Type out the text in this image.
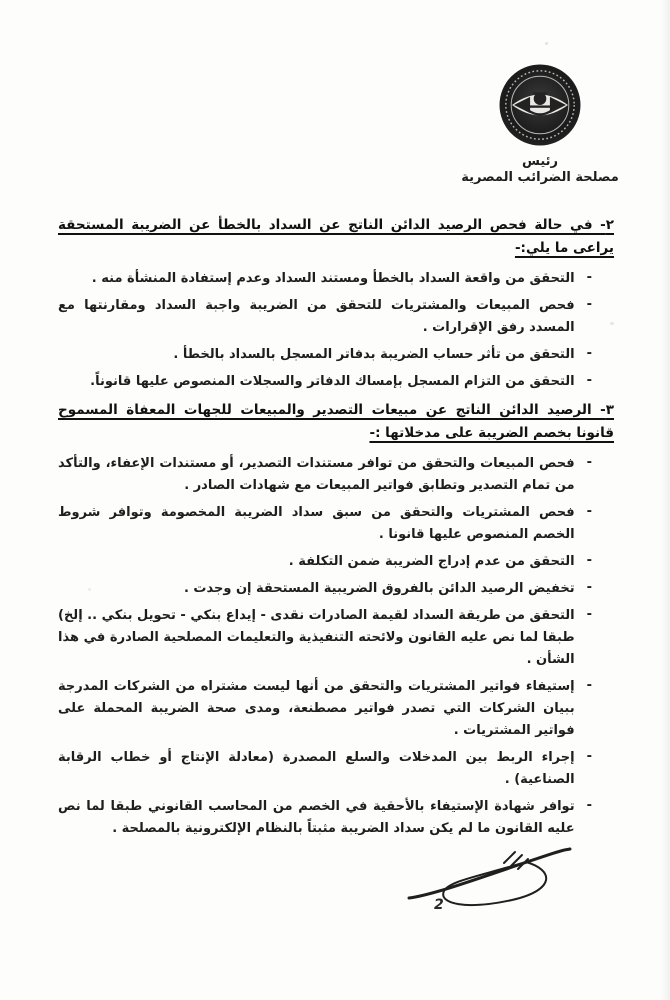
رئيس
مصلحة الضرائب المصرية
٢- في حالة فحص الرصيد الدائن الناتج عن السداد بالخطأ عن الضريبة المستحقة يراعى ما يلي:-
-
التحقق من واقعة السداد بالخطأ ومستند السداد وعدم إستفادة المنشأة منه .
-
فحص المبيعات والمشتريات للتحقق من الضريبة واجبة السداد ومقارنتها مع المسدد رفق الإقرارات .
-
التحقق من تأثر حساب الضريبة بدفاتر المسجل بالسداد بالخطأ .
-
التحقق من التزام المسجل بإمساك الدفاتر والسجلات المنصوص عليها قانوناً.
٣- الرصيد الدائن الناتج عن مبيعات التصدير والمبيعات للجهات المعفاة المسموح قانونا بخصم الضريبة على مدخلاتها :-
-
فحص المبيعات والتحقق من توافر مستندات التصدير، أو مستندات الإعفاء، والتأكد من تمام التصدير وتطابق فواتير المبيعات مع شهادات الصادر .
-
فحص المشتريات والتحقق من سبق سداد الضريبة المخصومة وتوافر شروط الخصم المنصوص عليها قانونا .
-
التحقق من عدم إدراج الضريبة ضمن التكلفة .
-
تخفيض الرصيد الدائن بالفروق الضريبية المستحقة إن وجدت .
-
التحقق من طريقة السداد لقيمة الصادرات نقدى - إيداع بنكي - تحويل بنكي .. إلخ) طبقا لما نص عليه القانون ولائحته التنفيذية والتعليمات المصلحية الصادرة في هذا الشأن .
-
إستيفاء فواتير المشتريات والتحقق من أنها ليست مشتراه من الشركات المدرجة ببيان الشركات التي تصدر فواتير مصطنعة، ومدى صحة الضريبة المحملة على فواتير المشتريات .
-
إجراء الربط بين المدخلات والسلع المصدرة (معادلة الإنتاج أو خطاب الرقابة الصناعية) .
-
توافر شهادة الإستيفاء بالأحقية في الخصم من المحاسب القانوني طبقا لما نص عليه القانون ما لم يكن سداد الضريبة مثبتاً بالنظام الإلكترونية بالمصلحة .
2
